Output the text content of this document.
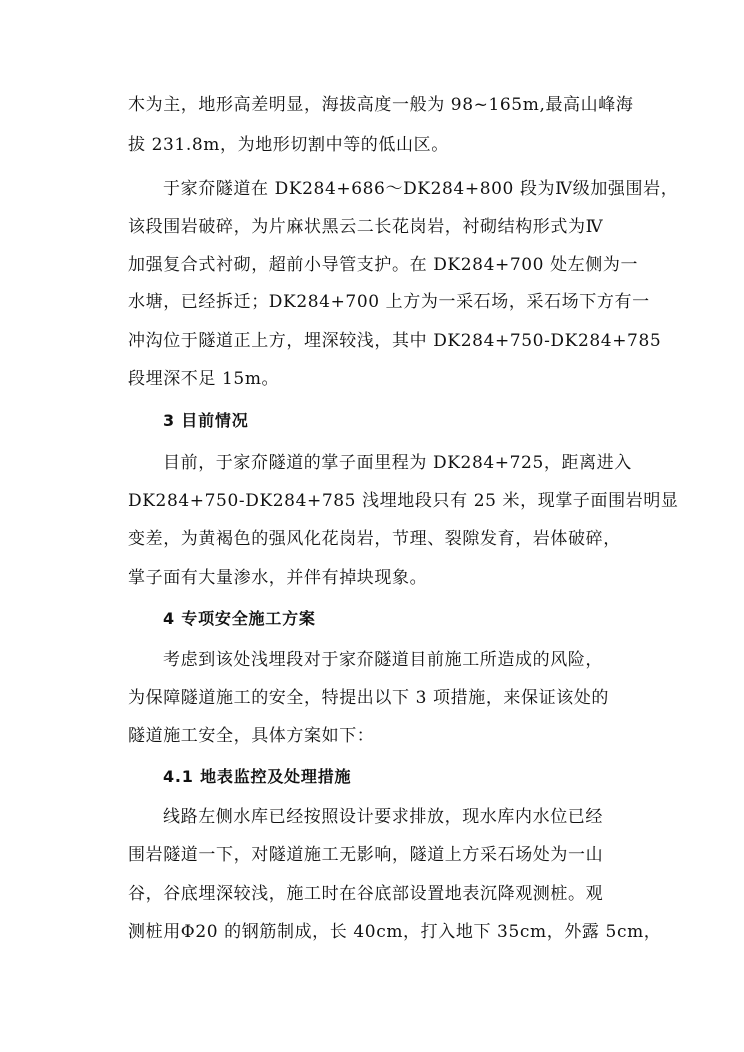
木为主，地形高差明显，海拔高度一般为 98~165m,最高山峰海
拔 231.8m，为地形切割中等的低山区。
于家夼隧道在 DK284+686～DK284+800 段为Ⅳ级加强围岩，
该段围岩破碎，为片麻状黑云二长花岗岩，衬砌结构形式为Ⅳ
加强复合式衬砌，超前小导管支护。在 DK284+700 处左侧为一
水塘，已经拆迁；DK284+700 上方为一采石场，采石场下方有一
冲沟位于隧道正上方，埋深较浅，其中 DK284+750-DK284+785
段埋深不足 15m。
3 目前情况
目前，于家夼隧道的掌子面里程为 DK284+725，距离进入
DK284+750-DK284+785 浅埋地段只有 25 米，现掌子面围岩明显
变差，为黄褐色的强风化花岗岩，节理、裂隙发育，岩体破碎，
掌子面有大量渗水，并伴有掉块现象。
4 专项安全施工方案
考虑到该处浅埋段对于家夼隧道目前施工所造成的风险，
为保障隧道施工的安全，特提出以下 3 项措施，来保证该处的
隧道施工安全，具体方案如下：
4.1 地表监控及处理措施
线路左侧水库已经按照设计要求排放，现水库内水位已经
围岩隧道一下，对隧道施工无影响，隧道上方采石场处为一山
谷，谷底埋深较浅，施工时在谷底部设置地表沉降观测桩。观
测桩用Φ20 的钢筋制成，长 40cm，打入地下 35cm，外露 5cm，
